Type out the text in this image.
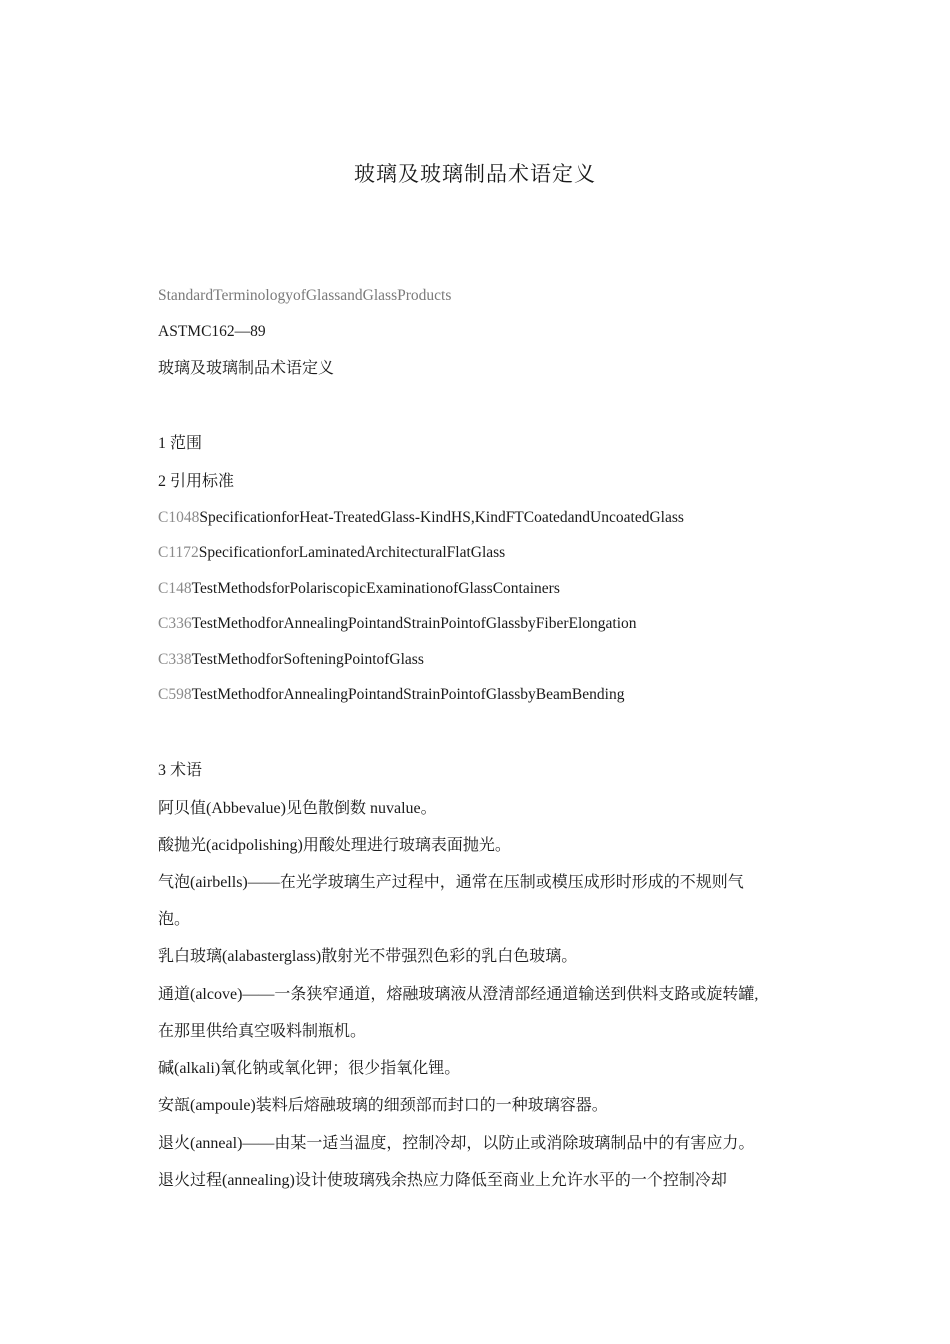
玻璃及玻璃制品术语定义
StandardTerminologyofGlassandGlassProducts
ASTMC162—89
玻璃及玻璃制品术语定义
1 范围
2 引用标准
C1048SpecificationforHeat-TreatedGlass-KindHS,KindFTCoatedandUncoatedGlass
C1172SpecificationforLaminatedArchitecturalFlatGlass
C148TestMethodsforPolariscopicExaminationofGlassContainers
C336TestMethodforAnnealingPointandStrainPointofGlassbyFiberElongation
C338TestMethodforSofteningPointofGlass
C598TestMethodforAnnealingPointandStrainPointofGlassbyBeamBending
3 术语
阿贝值(Abbevalue)见色散倒数 nuvalue。
酸抛光(acidpolishing)用酸处理进行玻璃表面抛光。
气泡(airbells)——在光学玻璃生产过程中，通常在压制或模压成形时形成的不规则气
泡。
乳白玻璃(alabasterglass)散射光不带强烈色彩的乳白色玻璃。
通道(alcove)——一条狭窄通道，熔融玻璃液从澄清部经通道输送到供料支路或旋转罐,
在那里供给真空吸料制瓶机。
碱(alkali)氧化钠或氧化钾；很少指氧化锂。
安瓿(ampoule)装料后熔融玻璃的细颈部而封口的一种玻璃容器。
退火(anneal)——由某一适当温度，控制冷却，以防止或消除玻璃制品中的有害应力。
退火过程(annealing)设计使玻璃残余热应力降低至商业上允许水平的一个控制冷却
